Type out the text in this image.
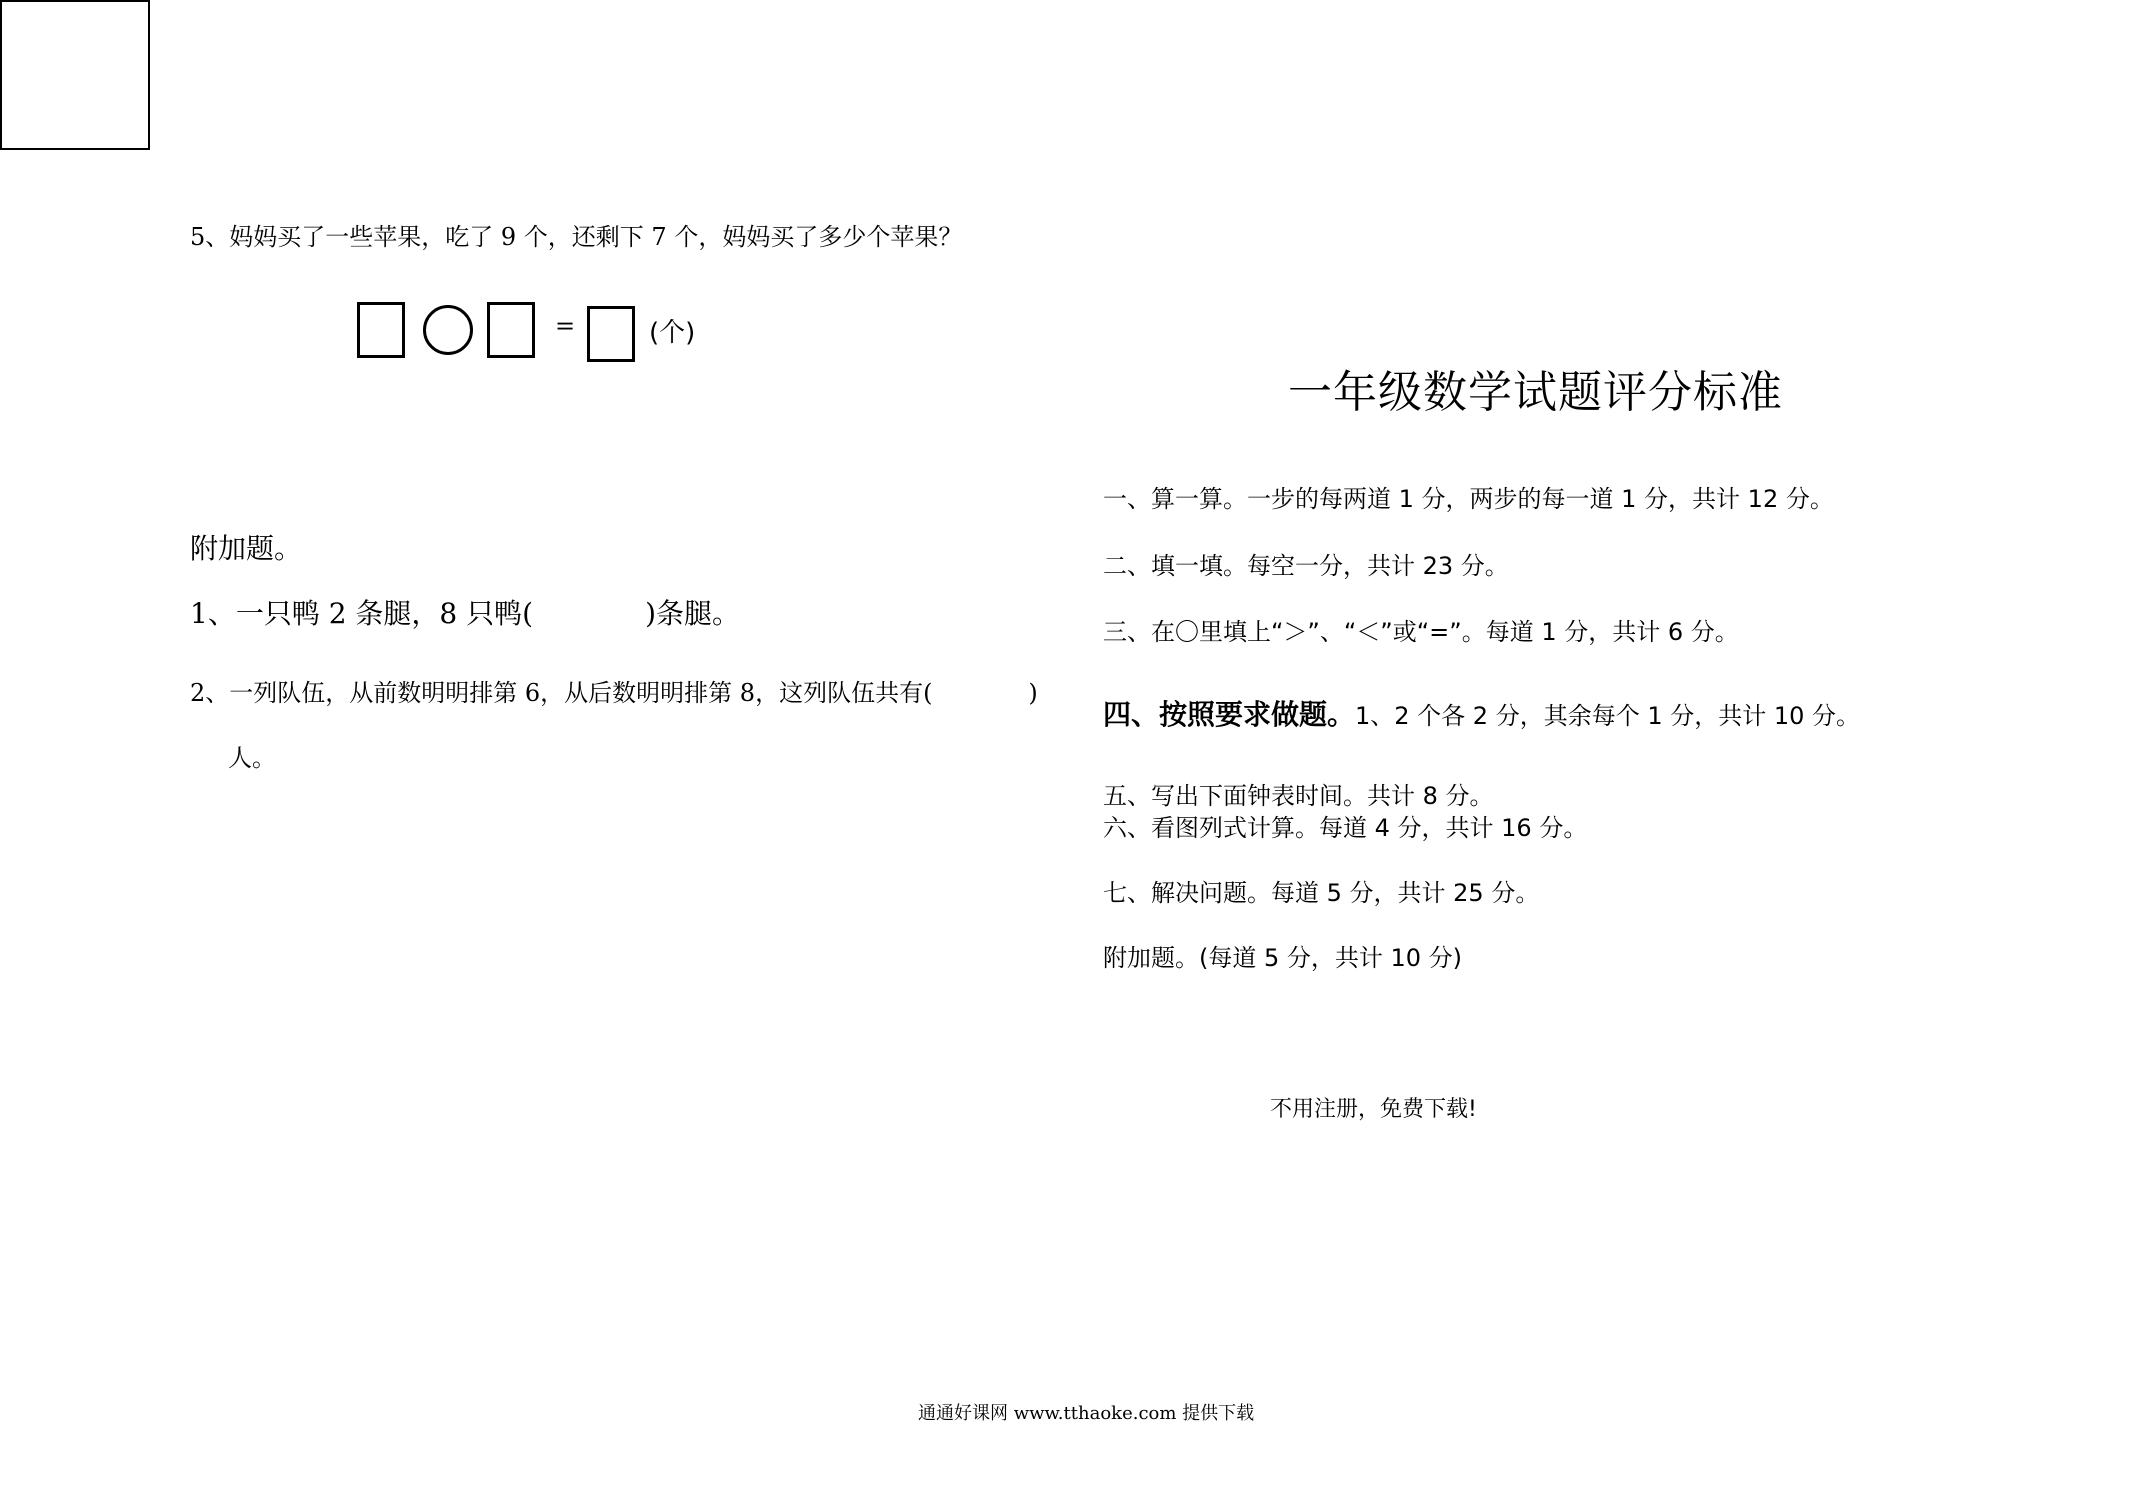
5、妈妈买了一些苹果，吃了 9 个，还剩下 7 个，妈妈买了多少个苹果？
=	(个)
附加题。
1、一只鸭 2 条腿，8 只鸭(　　　　)条腿。
2、一列队伍，从前数明明排第 6，从后数明明排第 8，这列队伍共有(　　　　)
人。
一年级数学试题评分标准
一、算一算。一步的每两道 1 分，两步的每一道 1 分，共计 12 分。
二、填一填。每空一分，共计 23 分。
三、在〇里填上“＞”、“＜”或“=”。每道 1 分，共计 6 分。
四、按照要求做题。1、2 个各 2 分，其余每个 1 分，共计 10 分。
五、写出下面钟表时间。共计 8 分。
六、看图列式计算。每道 4 分，共计 16 分。
七、解决问题。每道 5 分，共计 25 分。
附加题。(每道 5 分，共计 10 分)
不用注册，免费下载!
通通好课网 www.tthaoke.com 提供下载
